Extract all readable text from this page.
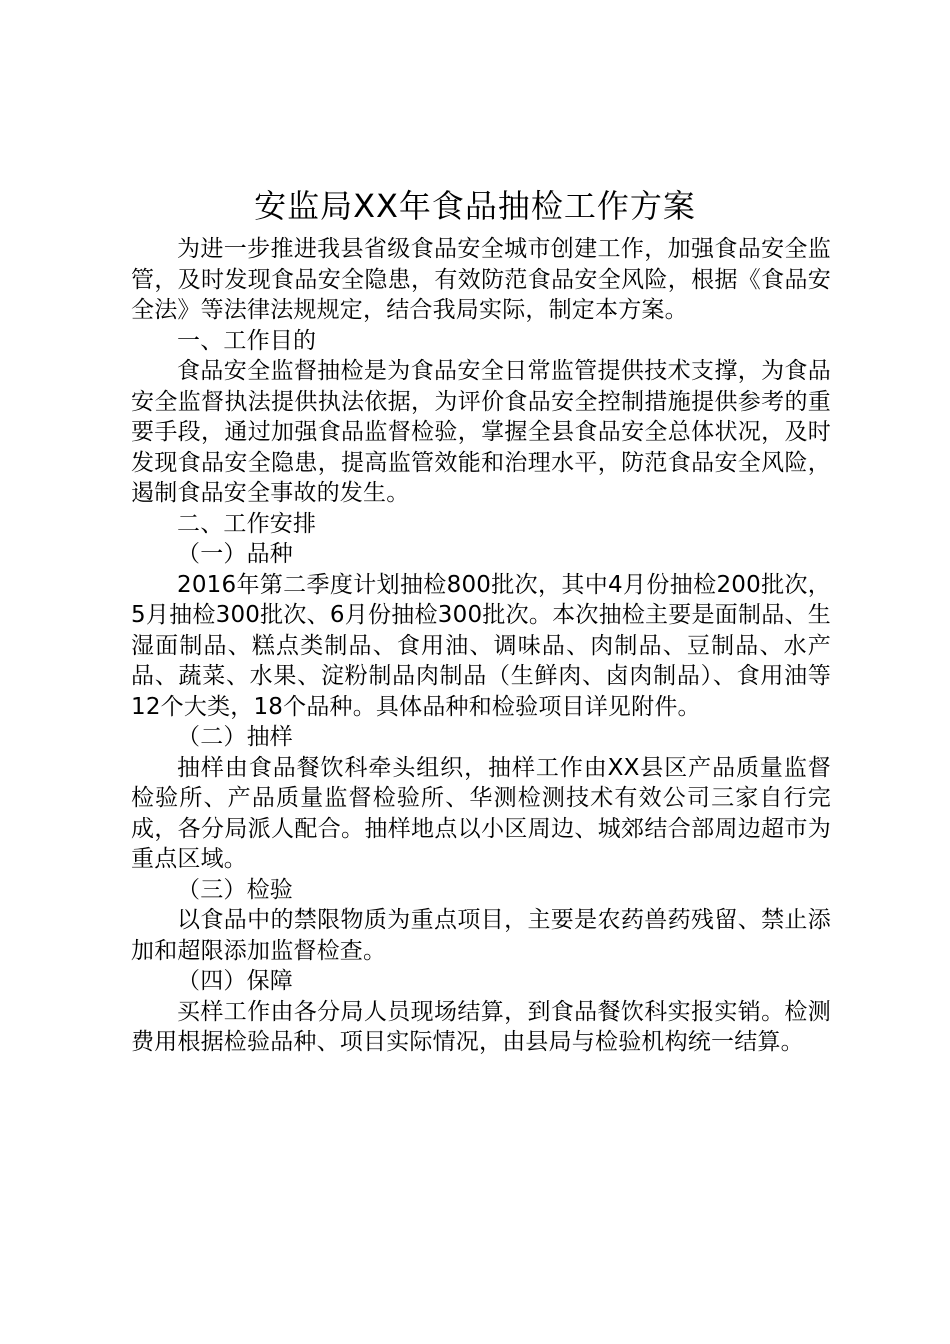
安监局XX年食品抽检工作方案

为进一步推进我县省级食品安全城市创建工作，加强食品安全监管，及时发现食品安全隐患，有效防范食品安全风险，根据《食品安全法》等法律法规规定，结合我局实际，制定本方案。

一、工作目的

食品安全监督抽检是为食品安全日常监管提供技术支撑，为食品安全监督执法提供执法依据，为评价食品安全控制措施提供参考的重要手段，通过加强食品监督检验，掌握全县食品安全总体状况，及时发现食品安全隐患，提高监管效能和治理水平，防范食品安全风险，遏制食品安全事故的发生。

二、工作安排

（一）品种

2016年第二季度计划抽检800批次，其中4月份抽检200批次，5月抽检300批次、6月份抽检300批次。本次抽检主要是面制品、生湿面制品、糕点类制品、食用油、调味品、肉制品、豆制品、水产品、蔬菜、水果、淀粉制品肉制品（生鲜肉、卤肉制品）、食用油等12个大类，18个品种。具体品种和检验项目详见附件。

（二）抽样

抽样由食品餐饮科牵头组织，抽样工作由XX县区产品质量监督检验所、产品质量监督检验所、华测检测技术有效公司三家自行完成，各分局派人配合。抽样地点以小区周边、城郊结合部周边超市为重点区域。

（三）检验

以食品中的禁限物质为重点项目，主要是农药兽药残留、禁止添加和超限添加监督检查。

（四）保障

买样工作由各分局人员现场结算，到食品餐饮科实报实销。检测费用根据检验品种、项目实际情况，由县局与检验机构统一结算。
